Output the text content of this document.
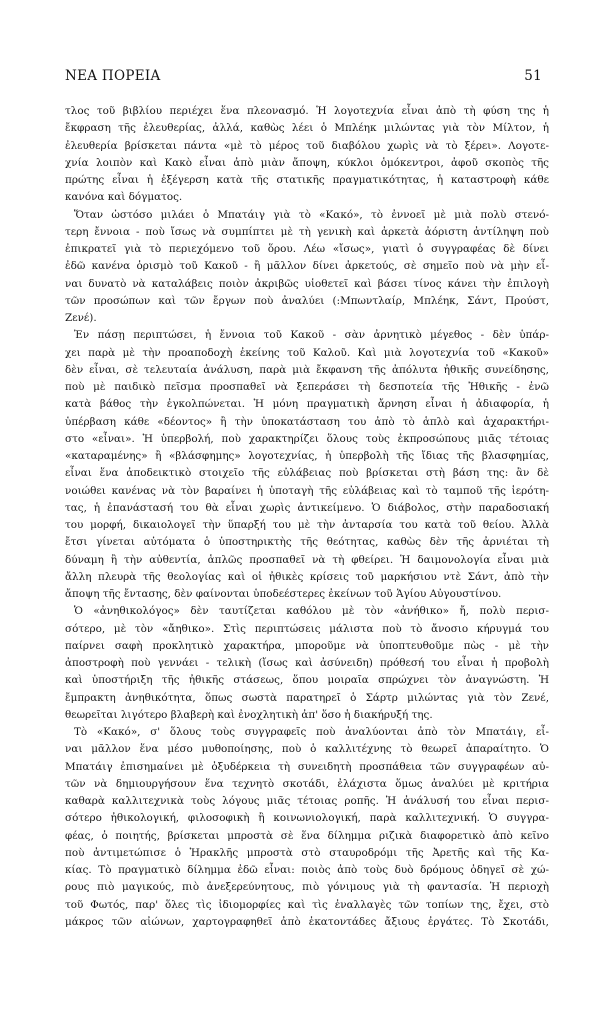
ΝΕΑ ΠΟΡΕΙΑ	51
τλος τοῦ βιβλίου περιέχει ἕνα πλεονασμό. Ἡ λογοτεχνία εἶναι ἀπὸ τὴ φύση της ἡ
ἔκφραση τῆς ἐλευθερίας, ἀλλά, καθὼς λέει ὁ Μπλέηκ μιλώντας γιὰ τὸν Μίλτον, ἡ
ἐλευθερία βρίσκεται πάντα «μὲ τὸ μέρος τοῦ διαβόλου χωρὶς νὰ τὸ ξέρει». Λογοτε-
χνία λοιπὸν καὶ Κακὸ εἶναι ἀπὸ μιὰν ἄποψη, κύκλοι ὁμόκεντροι, ἀφοῦ σκοπὸς τῆς
πρώτης εἶναι ἡ ἐξέγερση κατὰ τῆς στατικῆς πραγματικότητας, ἡ καταστροφὴ κάθε
κανόνα καὶ δόγματος.
Ὅταν ὡστόσο μιλάει ὁ Μπατάιγ γιὰ τὸ «Κακό», τὸ ἐννοεῖ μὲ μιὰ πολὺ στενό-
τερη ἔννοια - ποὺ ἴσως νὰ συμπίπτει μὲ τὴ γενικὴ καὶ ἀρκετὰ ἀόριστη ἀντίληψη ποὺ
ἐπικρατεῖ γιὰ τὸ περιεχόμενο τοῦ ὅρου. Λέω «ἴσως», γιατὶ ὁ συγγραφέας δὲ δίνει
ἐδῶ κανένα ὁρισμὸ τοῦ Κακοῦ - ἢ μᾶλλον δίνει ἀρκετούς, σὲ σημεῖο ποὺ νὰ μὴν εἶ-
ναι δυνατὸ νὰ καταλάβεις ποιὸν ἀκριβῶς υἱοθετεῖ καὶ βάσει τίνος κάνει τὴν ἐπιλογὴ
τῶν προσώπων καὶ τῶν ἔργων ποὺ ἀναλύει (:Μπωντλαίρ, Μπλέηκ, Σάντ, Προύστ,
Ζενέ).
Ἐν πάσῃ περιπτώσει, ἡ ἔννοια τοῦ Κακοῦ - σὰν ἀρνητικὸ μέγεθος - δὲν ὑπάρ-
χει παρὰ μὲ τὴν προαποδοχὴ ἐκείνης τοῦ Καλοῦ. Καὶ μιὰ λογοτεχνία τοῦ «Κακοῦ»
δὲν εἶναι, σὲ τελευταία ἀνάλυση, παρὰ μιὰ ἔκφανση τῆς ἀπόλυτα ἠθικῆς συνείδησης,
ποὺ μὲ παιδικὸ πεῖσμα προσπαθεῖ νὰ ξεπεράσει τὴ δεσποτεία τῆς Ἠθικῆς - ἐνῶ
κατὰ βάθος τὴν ἐγκολπώνεται. Ἡ μόνη πραγματικὴ ἄρνηση εἶναι ἡ ἀδιαφορία, ἡ
ὑπέρβαση κάθε «δέοντος» ἢ τὴν ὑποκατάσταση του ἀπὸ τὸ ἁπλὸ καὶ ἀχαρακτήρι-
στο «εἶναι». Ἡ ὑπερβολή, ποὺ χαρακτηρίζει ὅλους τοὺς ἐκπροσώπους μιᾶς τέτοιας
«καταραμένης» ἢ «βλάσφημης» λογοτεχνίας, ἡ ὑπερβολὴ τῆς ἴδιας τῆς βλασφημίας,
εἶναι ἕνα ἀποδεικτικὸ στοιχεῖο τῆς εὐλάβειας ποὺ βρίσκεται στὴ βάση της: ἂν δὲ
νοιώθει κανένας νὰ τὸν βαραίνει ἡ ὑποταγὴ τῆς εὐλάβειας καὶ τὸ ταμποῦ τῆς ἱερότη-
τας, ἡ ἐπανάστασή του θὰ εἶναι χωρὶς ἀντικείμενο. Ὁ διάβολος, στὴν παραδοσιακή
του μορφή, δικαιολογεῖ τὴν ὕπαρξή του μὲ τὴν ἀνταρσία του κατὰ τοῦ θείου. Ἀλλὰ
ἔτσι γίνεται αὐτόματα ὁ ὑποστηρικτὴς τῆς θεότητας, καθὼς δὲν τῆς ἀρνιέται τὴ
δύναμη ἢ τὴν αὐθεντία, ἁπλῶς προσπαθεῖ νὰ τὴ φθείρει. Ἡ δαιμονολογία εἶναι μιὰ
ἄλλη πλευρὰ τῆς θεολογίας καὶ οἱ ἠθικὲς κρίσεις τοῦ μαρκήσιου ντὲ Σάντ, ἀπὸ τὴν
ἄποψη τῆς ἔντασης, δὲν φαίνονται ὑποδεέστερες ἐκείνων τοῦ Ἁγίου Αὐγουστίνου.
Ὁ «ἀνηθικολόγος» δὲν ταυτίζεται καθόλου μὲ τὸν «ἀνήθικο» ἤ, πολὺ περισ-
σότερο, μὲ τὸν «ἄηθικο». Στὶς περιπτώσεις μάλιστα ποὺ τὸ ἄνοσιο κήρυγμά του
παίρνει σαφὴ προκλητικὸ χαρακτήρα, μποροῦμε νὰ ὑποπτευθοῦμε πὼς - μὲ τὴν
ἀποστροφὴ ποὺ γεννάει - τελικὴ (ἴσως καὶ ἀσύνειδη) πρόθεσή του εἶναι ἡ προβολὴ
καὶ ὑποστήριξη τῆς ἠθικῆς στάσεως, ὅπου μοιραῖα σπρώχνει τὸν ἀναγνώστη. Ἡ
ἔμπρακτη ἀνηθικότητα, ὅπως σωστὰ παρατηρεῖ ὁ Σάρτρ μιλώντας γιὰ τὸν Ζενέ,
θεωρεῖται λιγότερο βλαβερὴ καὶ ἐνοχλητικὴ ἀπ' ὅσο ἡ διακήρυξή της.
Τὸ «Κακό», σ' ὅλους τοὺς συγγραφεῖς ποὺ ἀναλύονται ἀπὸ τὸν Μπατάιγ, εἶ-
ναι μᾶλλον ἕνα μέσο μυθοποίησης, ποὺ ὁ καλλιτέχνης τὸ θεωρεῖ ἀπαραίτητο. Ὁ
Μπατάιγ ἐπισημαίνει μὲ ὀξυδέρκεια τὴ συνειδητὴ προσπάθεια τῶν συγγραφέων αὐ-
τῶν νὰ δημιουργήσουν ἕνα τεχνητὸ σκοτάδι, ἐλάχιστα ὅμως ἀναλύει μὲ κριτήρια
καθαρὰ καλλιτεχνικὰ τοὺς λόγους μιᾶς τέτοιας ροπῆς. Ἡ ἀνάλυσή του εἶναι περισ-
σότερο ἠθικολογική, φιλοσοφικὴ ἢ κοινωνιολογική, παρὰ καλλιτεχνική. Ὁ συγγρα-
φέας, ὁ ποιητής, βρίσκεται μπροστὰ σὲ ἕνα δίλημμα ριζικὰ διαφορετικὸ ἀπὸ κεῖνο
ποὺ ἀντιμετώπισε ὁ Ἡρακλῆς μπροστὰ στὸ σταυροδρόμι τῆς Ἀρετῆς καὶ τῆς Κα-
κίας. Τὸ πραγματικὸ δίλημμα ἐδῶ εἶναι: ποιὸς ἀπὸ τοὺς δυὸ δρόμους ὁδηγεῖ σὲ χώ-
ρους πιὸ μαγικούς, πιὸ ἀνεξερεύνητους, πιὸ γόνιμους γιὰ τὴ φαντασία. Ἡ περιοχὴ
τοῦ Φωτός, παρ' ὅλες τὶς ἰδιομορφίες καὶ τὶς ἐναλλαγὲς τῶν τοπίων της, ἔχει, στὸ
μάκρος τῶν αἰώνων, χαρτογραφηθεῖ ἀπὸ ἑκατοντάδες ἄξιους ἐργάτες. Τὸ Σκοτάδι,
